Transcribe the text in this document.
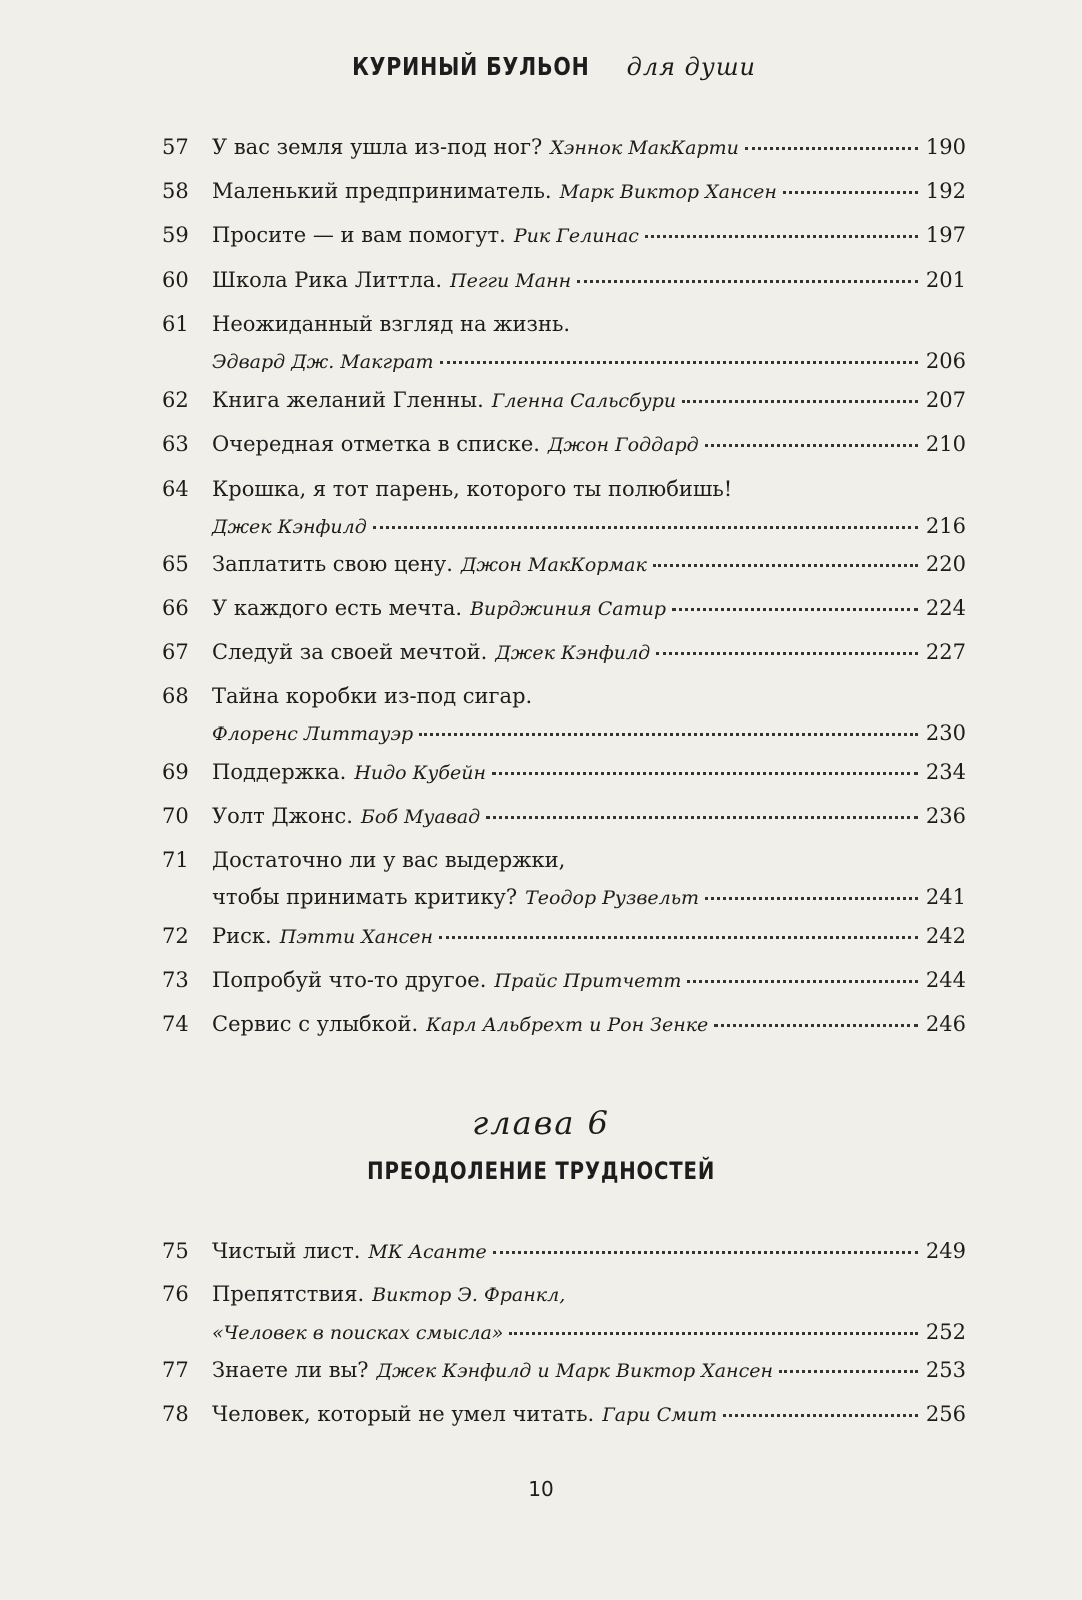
КУРИНЫЙ БУЛЬОН для души
57	У вас земля ушла из-под ног? Хэннок МакКарти	190
58	Маленький предприниматель. Марк Виктор Хансен	192
59	Просите — и вам помогут. Рик Гелинас	197
60	Школа Рика Литтла. Пегги Манн	201
61	Неожиданный взгляд на жизнь.
Эдвард Дж. Макграт	206
62	Книга желаний Гленны. Гленна Сальсбури	207
63	Очередная отметка в списке. Джон Годдард	210
64	Крошка, я тот парень, которого ты полюбишь!
Джек Кэнфилд	216
65	Заплатить свою цену. Джон МакКормак	220
66	У каждого есть мечта. Вирджиния Сатир	224
67	Следуй за своей мечтой. Джек Кэнфилд	227
68	Тайна коробки из-под сигар.
Флоренс Литтауэр	230
69	Поддержка. Нидо Кубейн	234
70	Уолт Джонс. Боб Муавад	236
71	Достаточно ли у вас выдержки,
чтобы принимать критику? Теодор Рузвельт	241
72	Риск. Пэтти Хансен	242
73	Попробуй что-то другое. Прайс Притчетт	244
74	Сервис с улыбкой. Карл Альбрехт и Рон Зенке	246
глава 6
ПРЕОДОЛЕНИЕ ТРУДНОСТЕЙ
75	Чистый лист. МК Асанте	249
76	Препятствия. Виктор Э. Франкл,
«Человек в поисках смысла»	252
77	Знаете ли вы? Джек Кэнфилд и Марк Виктор Хансен	253
78	Человек, который не умел читать. Гари Смит	256
10
